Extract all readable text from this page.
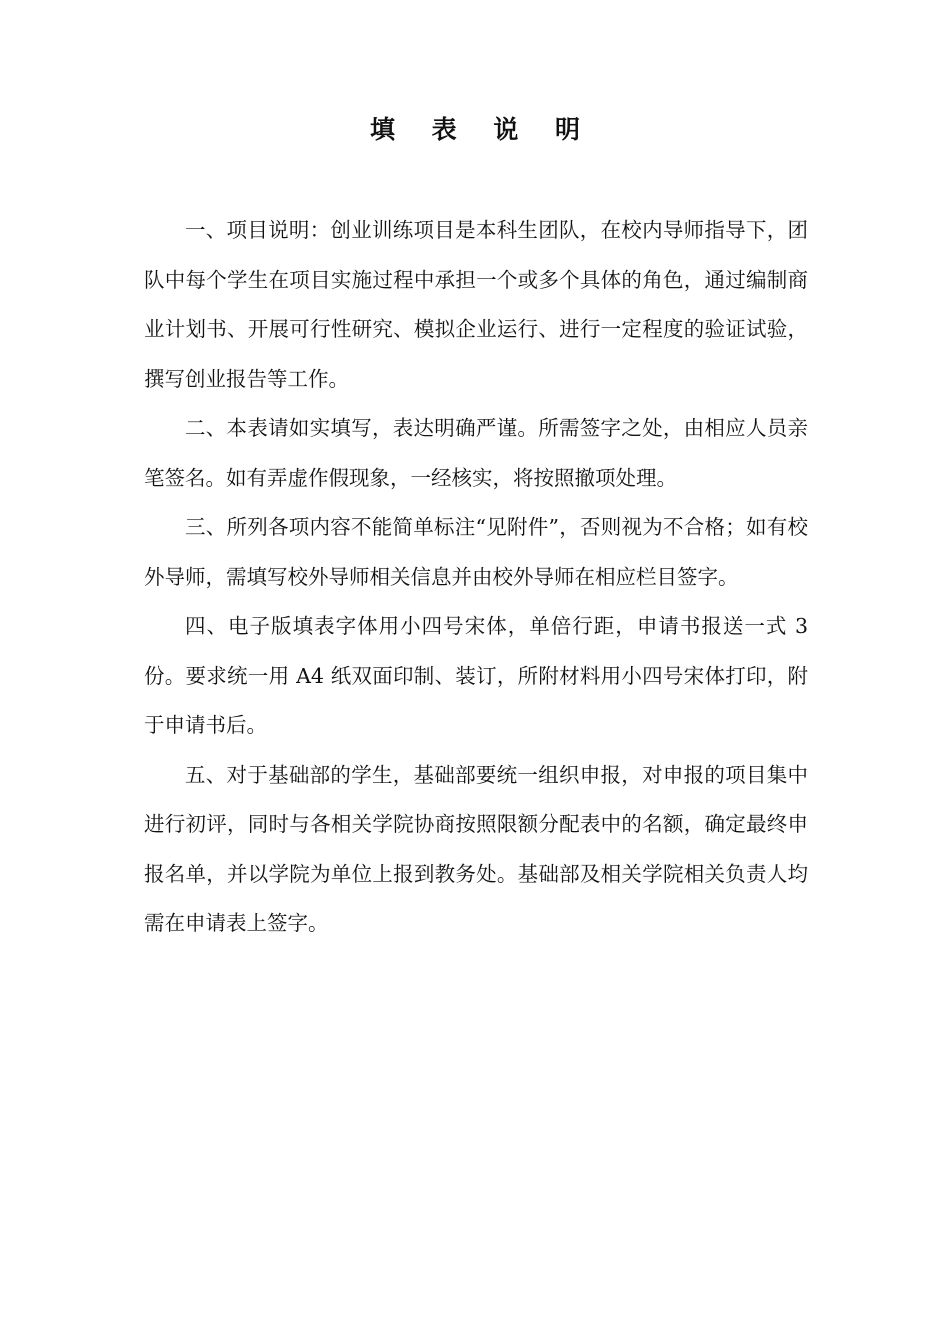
填 表 说 明

一、项目说明：创业训练项目是本科生团队，在校内导师指导下，团队中每个学生在项目实施过程中承担一个或多个具体的角色，通过编制商业计划书、开展可行性研究、模拟企业运行、进行一定程度的验证试验，撰写创业报告等工作。

二、本表请如实填写，表达明确严谨。所需签字之处，由相应人员亲笔签名。如有弄虚作假现象，一经核实，将按照撤项处理。

三、所列各项内容不能简单标注“见附件”，否则视为不合格；如有校外导师，需填写校外导师相关信息并由校外导师在相应栏目签字。

四、电子版填表字体用小四号宋体，单倍行距，申请书报送一式 3 份。要求统一用 A4 纸双面印制、装订，所附材料用小四号宋体打印，附于申请书后。

五、对于基础部的学生，基础部要统一组织申报，对申报的项目集中进行初评，同时与各相关学院协商按照限额分配表中的名额，确定最终申报名单，并以学院为单位上报到教务处。基础部及相关学院相关负责人均需在申请表上签字。
